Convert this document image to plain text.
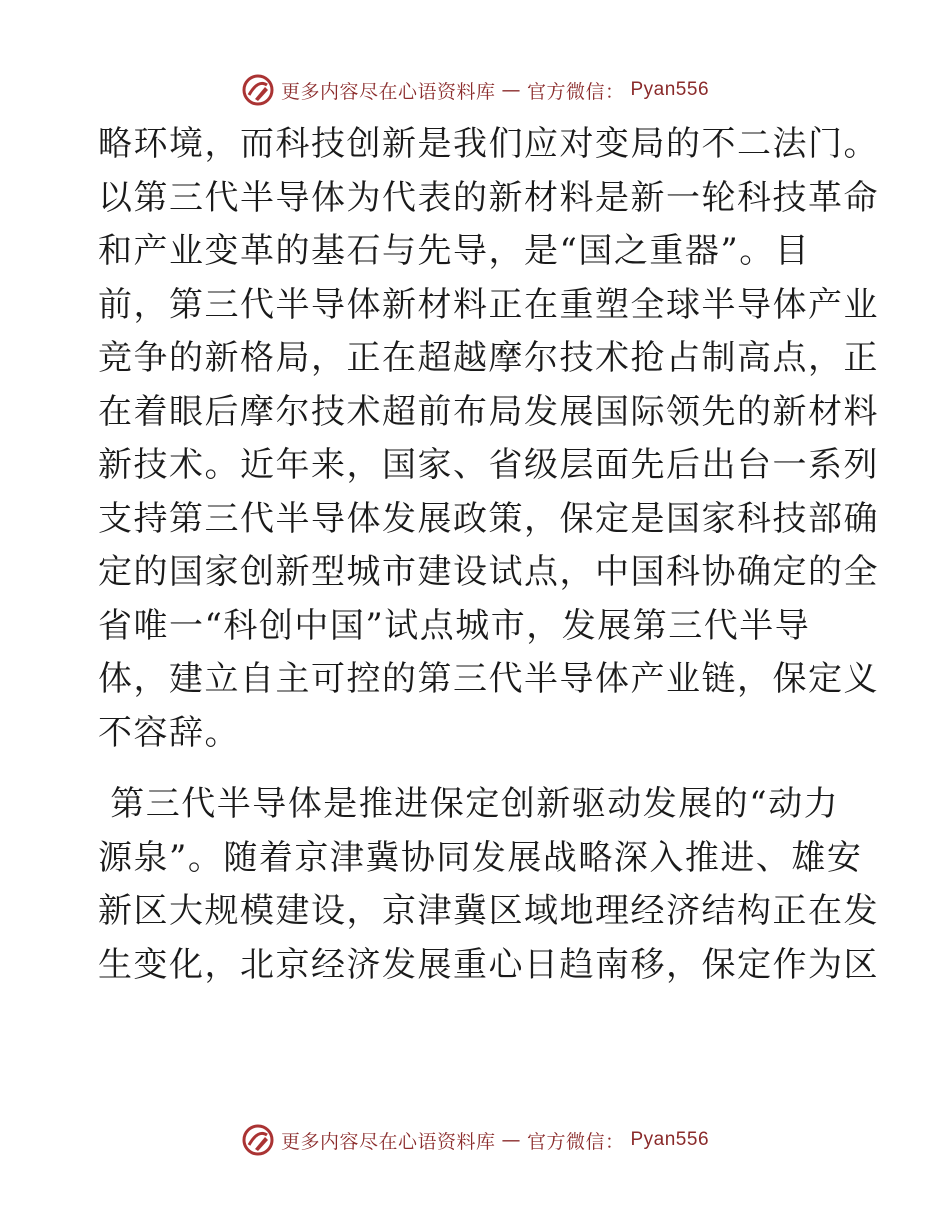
更多内容尽在心语资料库 — 官方微信： Pyan556

略环境，而科技创新是我们应对变局的不二法门。
以第三代半导体为代表的新材料是新一轮科技革命
和产业变革的基石与先导，是“国之重器”。目
前，第三代半导体新材料正在重塑全球半导体产业
竞争的新格局，正在超越摩尔技术抢占制高点，正
在着眼后摩尔技术超前布局发展国际领先的新材料
新技术。近年来，国家、省级层面先后出台一系列
支持第三代半导体发展政策，保定是国家科技部确
定的国家创新型城市建设试点，中国科协确定的全
省唯一“科创中国”试点城市，发展第三代半导
体，建立自主可控的第三代半导体产业链，保定义
不容辞。

第三代半导体是推进保定创新驱动发展的“动力
源泉”。随着京津冀协同发展战略深入推进、雄安
新区大规模建设，京津冀区域地理经济结构正在发
生变化，北京经济发展重心日趋南移，保定作为区

更多内容尽在心语资料库 — 官方微信： Pyan556
